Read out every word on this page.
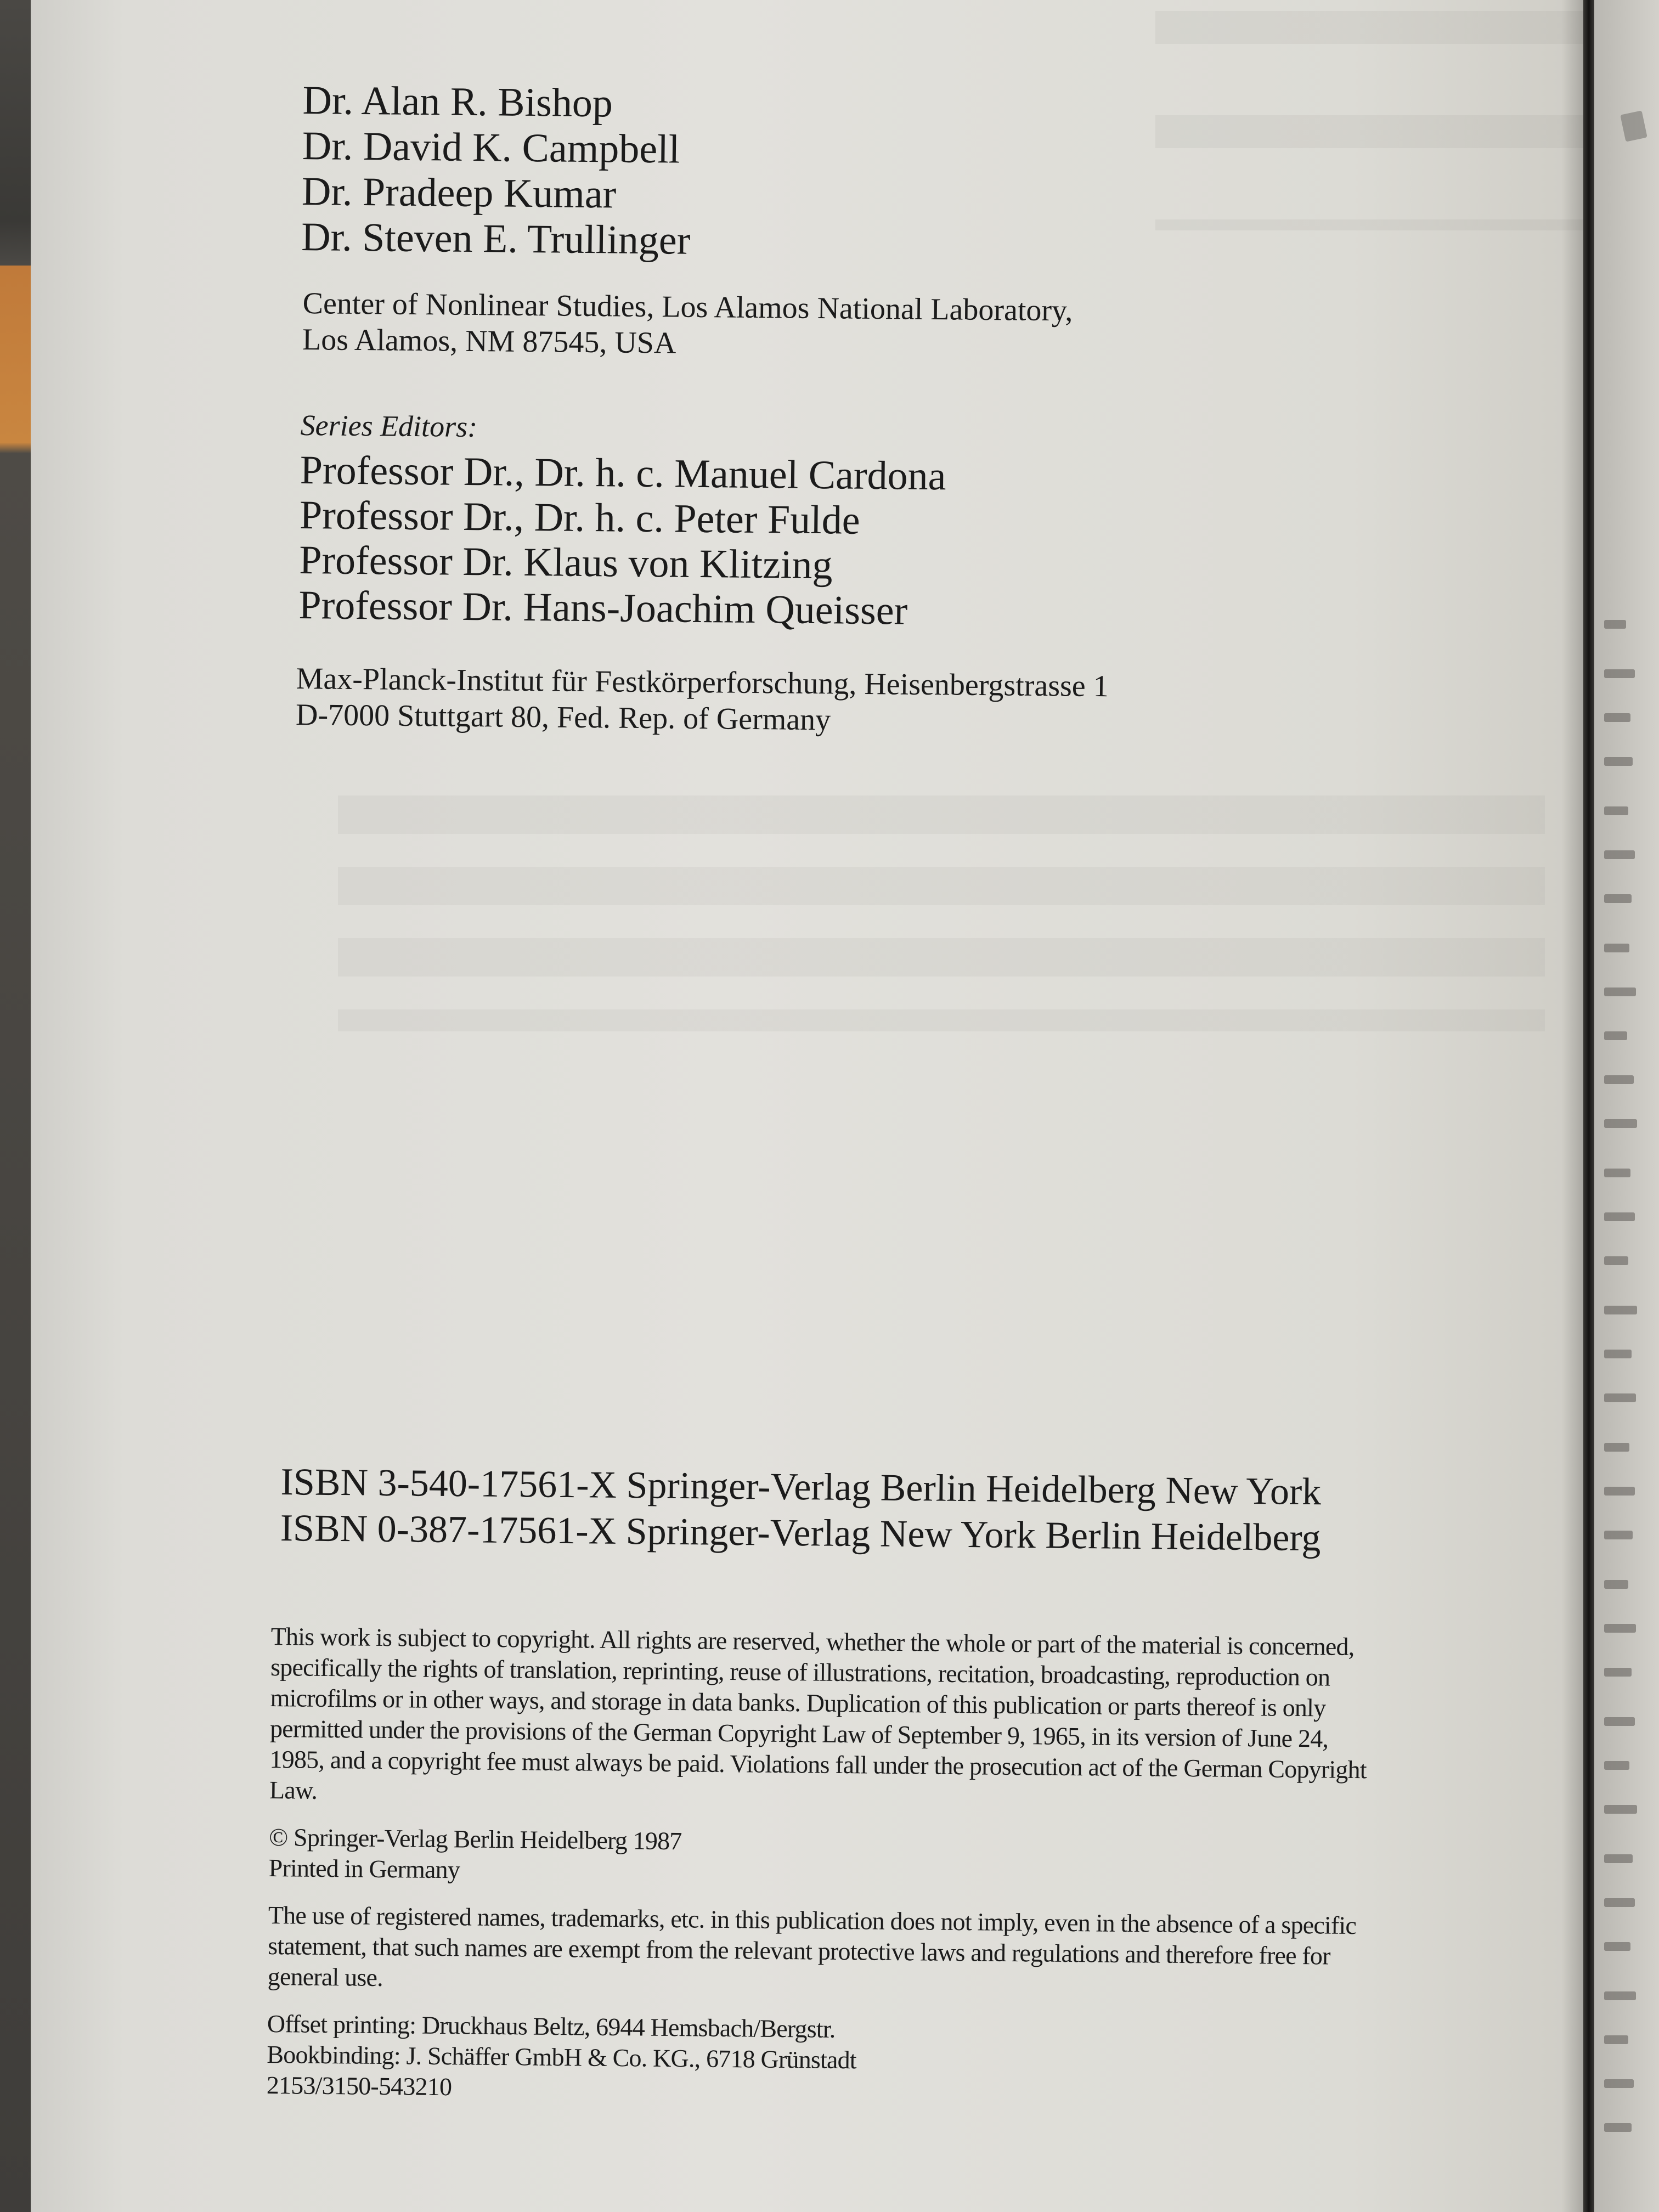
Dr. Alan R. Bishop
Dr. David K. Campbell
Dr. Pradeep Kumar
Dr. Steven E. Trullinger
Center of Nonlinear Studies, Los Alamos National Laboratory,
Los Alamos, NM 87545, USA
Series Editors:
Professor Dr., Dr. h. c. Manuel Cardona
Professor Dr., Dr. h. c. Peter Fulde
Professor Dr. Klaus von Klitzing
Professor Dr. Hans-Joachim Queisser
Max-Planck-Institut für Festkörperforschung, Heisenbergstrasse 1
D-7000 Stuttgart 80, Fed. Rep. of Germany
ISBN 3-540-17561-X Springer-Verlag Berlin Heidelberg New York
ISBN 0-387-17561-X Springer-Verlag New York Berlin Heidelberg
This work is subject to copyright. All rights are reserved, whether the whole or part of the material is concerned,
specifically the rights of translation, reprinting, reuse of illustrations, recitation, broadcasting, reproduction on
microfilms or in other ways, and storage in data banks. Duplication of this publication or parts thereof is only
permitted under the provisions of the German Copyright Law of September 9, 1965, in its version of June 24,
1985, and a copyright fee must always be paid. Violations fall under the prosecution act of the German Copyright
Law.
© Springer-Verlag Berlin Heidelberg 1987
Printed in Germany
The use of registered names, trademarks, etc. in this publication does not imply, even in the absence of a specific
statement, that such names are exempt from the relevant protective laws and regulations and therefore free for
general use.
Offset printing: Druckhaus Beltz, 6944 Hemsbach/Bergstr.
Bookbinding: J. Schäffer GmbH & Co. KG., 6718 Grünstadt
2153/3150-543210
